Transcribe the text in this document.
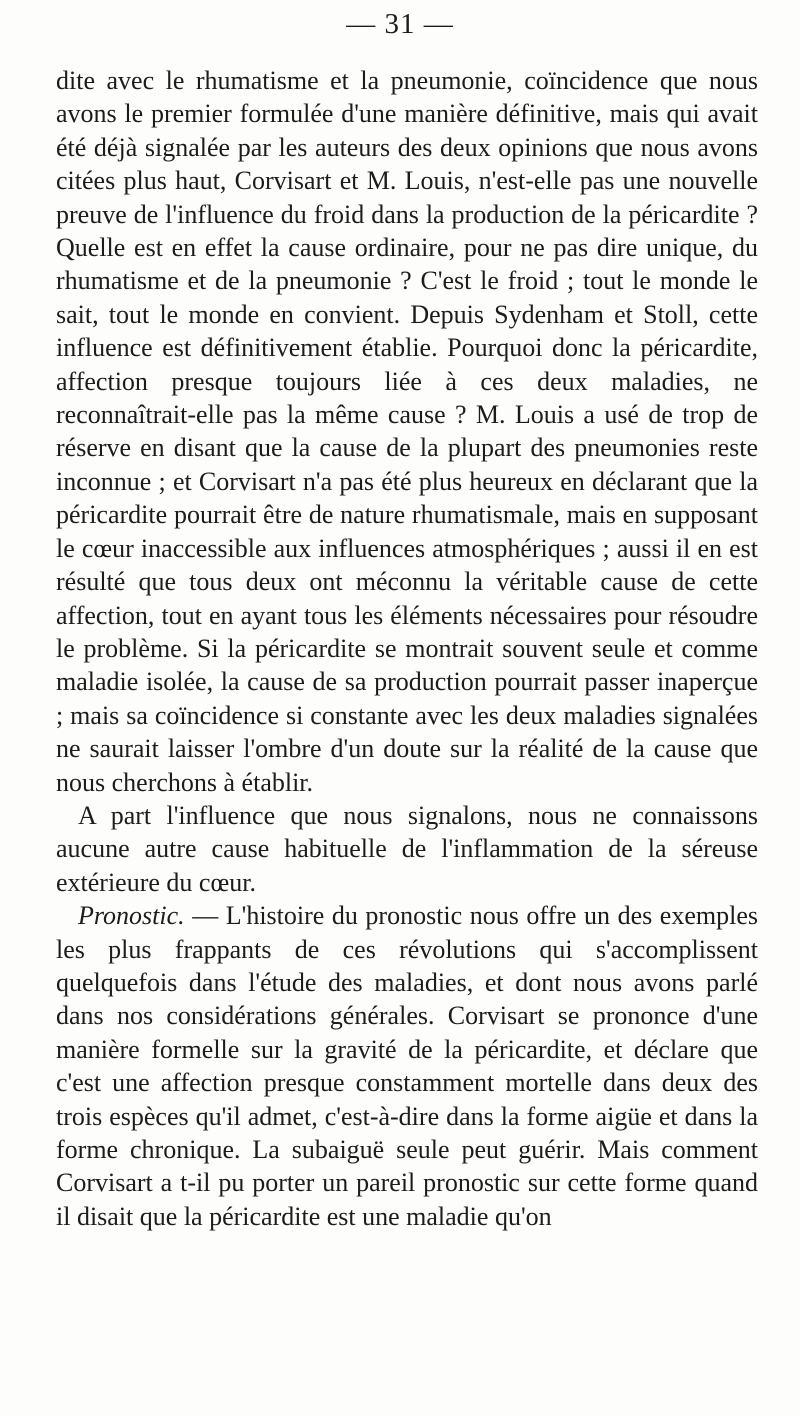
— 31 —

dite avec le rhumatisme et la pneumonie, coïncidence que nous avons le premier formulée d'une manière définitive, mais qui avait été déjà signalée par les auteurs des deux opinions que nous avons citées plus haut, Corvisart et M. Louis, n'est-elle pas une nouvelle preuve de l'influence du froid dans la production de la péricardite ? Quelle est en effet la cause ordinaire, pour ne pas dire unique, du rhumatisme et de la pneumonie ? C'est le froid ; tout le monde le sait, tout le monde en convient. Depuis Sydenham et Stoll, cette influence est définitivement établie. Pourquoi donc la péricardite, affection presque toujours liée à ces deux maladies, ne reconnaîtrait-elle pas la même cause ? M. Louis a usé de trop de réserve en disant que la cause de la plupart des pneumonies reste inconnue ; et Corvisart n'a pas été plus heureux en déclarant que la péricardite pourrait être de nature rhumatismale, mais en supposant le cœur inaccessible aux influences atmosphériques ; aussi il en est résulté que tous deux ont méconnu la véritable cause de cette affection, tout en ayant tous les éléments nécessaires pour résoudre le problème. Si la péricardite se montrait souvent seule et comme maladie isolée, la cause de sa production pourrait passer inaperçue ; mais sa coïncidence si constante avec les deux maladies signalées ne saurait laisser l'ombre d'un doute sur la réalité de la cause que nous cherchons à établir.

A part l'influence que nous signalons, nous ne connaissons aucune autre cause habituelle de l'inflammation de la séreuse extérieure du cœur.

Pronostic. — L'histoire du pronostic nous offre un des exemples les plus frappants de ces révolutions qui s'accomplissent quelquefois dans l'étude des maladies, et dont nous avons parlé dans nos considérations générales. Corvisart se prononce d'une manière formelle sur la gravité de la péricardite, et déclare que c'est une affection presque constamment mortelle dans deux des trois espèces qu'il admet, c'est-à-dire dans la forme aigüe et dans la forme chronique. La subaiguë seule peut guérir. Mais comment Corvisart a t-il pu porter un pareil pronostic sur cette forme quand il disait que la péricardite est une maladie qu'on
